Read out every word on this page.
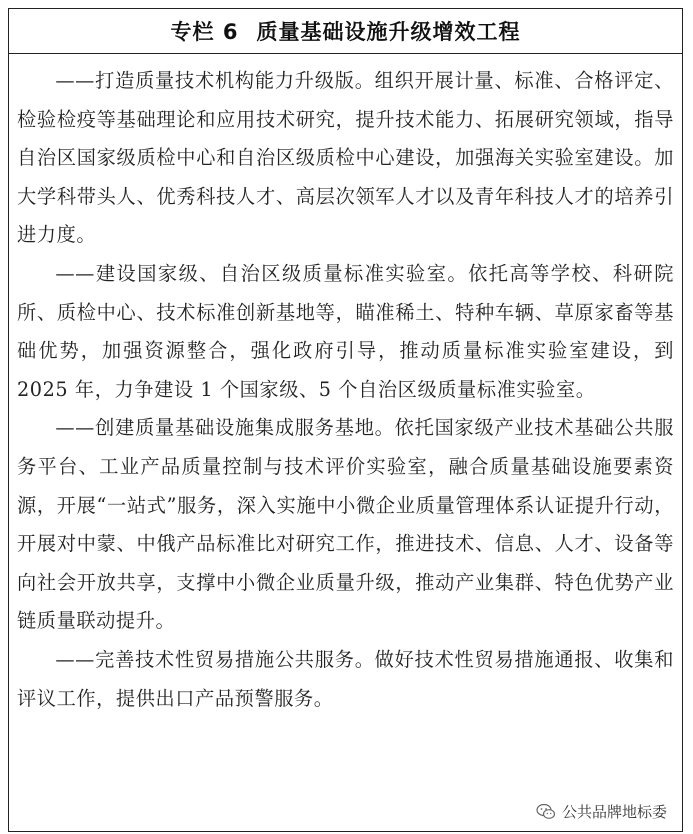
专栏 6 质量基础设施升级增效工程

——打造质量技术机构能力升级版。组织开展计量、标准、合格评定、检验检疫等基础理论和应用技术研究，提升技术能力、拓展研究领域，指导自治区国家级质检中心和自治区级质检中心建设，加强海关实验室建设。加大学科带头人、优秀科技人才、高层次领军人才以及青年科技人才的培养引进力度。

——建设国家级、自治区级质量标准实验室。依托高等学校、科研院所、质检中心、技术标准创新基地等，瞄准稀土、特种车辆、草原家畜等基础优势，加强资源整合，强化政府引导，推动质量标准实验室建设，到 2025 年，力争建设 1 个国家级、5 个自治区级质量标准实验室。

——创建质量基础设施集成服务基地。依托国家级产业技术基础公共服务平台、工业产品质量控制与技术评价实验室，融合质量基础设施要素资源，开展“一站式”服务，深入实施中小微企业质量管理体系认证提升行动，开展对中蒙、中俄产品标准比对研究工作，推进技术、信息、人才、设备等向社会开放共享，支撑中小微企业质量升级，推动产业集群、特色优势产业链质量联动提升。

——完善技术性贸易措施公共服务。做好技术性贸易措施通报、收集和评议工作，提供出口产品预警服务。

公共品牌地标委
